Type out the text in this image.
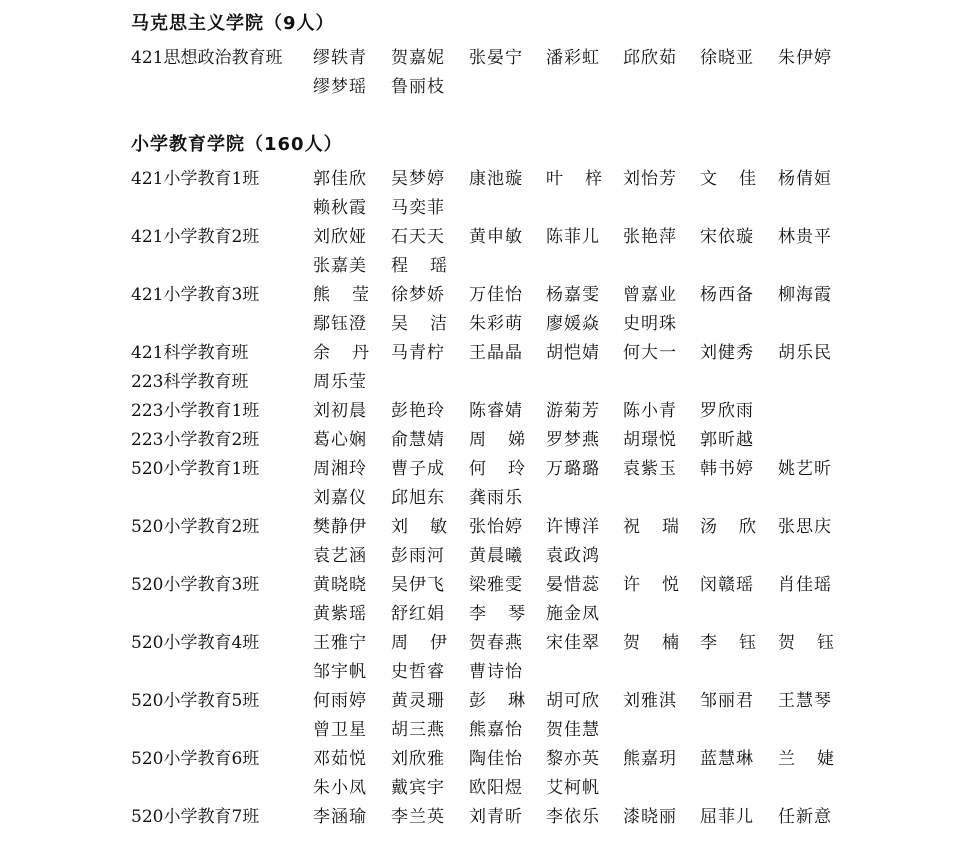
马克思主义学院（9人）
421思想政治教育班 缪轶青 贺嘉妮 张晏宁 潘彩虹 邱欣茹 徐晓亚 朱伊婷
缪梦瑶 鲁丽枝
小学教育学院（160人）
421小学教育1班	郭佳欣 吴梦婷 康池璇 叶 梓 刘怡芳 文 佳 杨倩姮
赖秋霞 马奕菲
421小学教育2班	刘欣娅 石天天 黄申敏 陈菲儿 张艳萍 宋依璇 林贵平
张嘉美 程 瑶
421小学教育3班	熊 莹 徐梦娇 万佳怡 杨嘉雯 曾嘉业 杨西备 柳海霞
鄢钰澄 吴 洁 朱彩萌 廖媛焱 史明珠
421科学教育班	余 丹 马青柠 王晶晶 胡恺婧 何大一 刘健秀 胡乐民
223科学教育班	周乐莹
223小学教育1班	刘初晨 彭艳玲 陈睿婧 游菊芳 陈小青 罗欣雨
223小学教育2班	葛心娴 俞慧婧 周 娣 罗梦燕 胡璟悦 郭昕越
520小学教育1班	周湘玲 曹子成 何 玲 万璐璐 袁紫玉 韩书婷 姚艺昕
刘嘉仪 邱旭东 龚雨乐
520小学教育2班	樊静伊 刘 敏 张怡婷 许博洋 祝 瑞 汤 欣 张思庆
袁艺涵 彭雨河 黄晨曦 袁政鸿
520小学教育3班	黄晓晓 吴伊飞 梁雅雯 晏惜蕊 许 悦 闵赣瑶 肖佳瑶
黄紫瑶 舒红娟 李 琴 施金凤
520小学教育4班	王雅宁 周 伊 贺春燕 宋佳翠 贺 楠 李 钰 贺 钰
邹宇帆 史哲睿 曹诗怡
520小学教育5班	何雨婷 黄灵珊 彭 琳 胡可欣 刘雅淇 邹丽君 王慧琴
曾卫星 胡三燕 熊嘉怡 贺佳慧
520小学教育6班	邓茹悦 刘欣雅 陶佳怡 黎亦英 熊嘉玥 蓝慧琳 兰 婕
朱小凤 戴宾宇 欧阳煜 艾柯帆
520小学教育7班	李涵瑜 李兰英 刘青昕 李依乐 漆晓丽 屈菲儿 任新意
